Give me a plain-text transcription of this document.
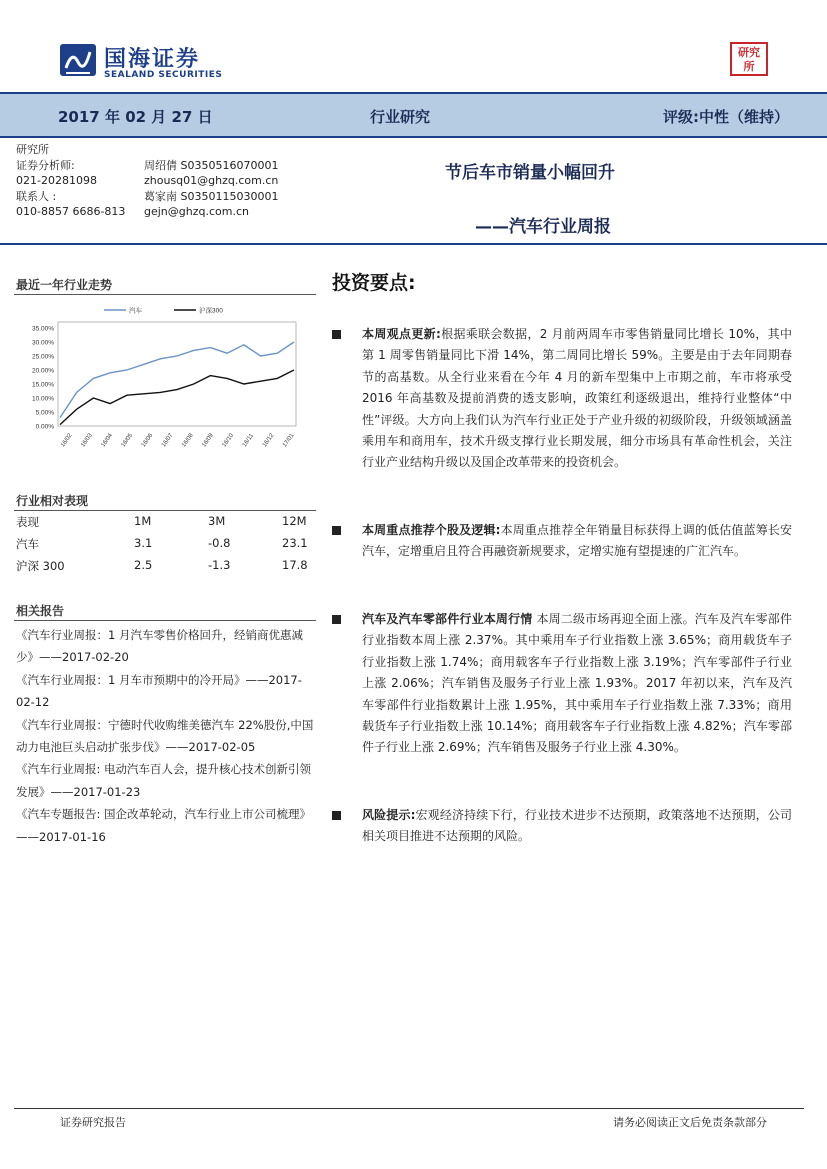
国海证券
SEALAND SECURITIES
研究
所
2017 年 02 月 27 日	行业研究	评级:中性（维持）
研究所
证券分析师:	周绍倩 S0350516070001
021-20281098	zhousq01@ghzq.com.cn
联系人 :	葛家南 S0350115030001
010-8857 6686-813 gejn@ghzq.com.cn
节后车市销量小幅回升
——汽车行业周报
最近一年行业走势
35.00%
30.00%
25.00%
20.00%
15.00%
10.00%
5.00%
0.00%
16/02 16/03 16/04 16/05 16/06 16/07 16/08 16/09 16/10 16/11 16/12 17/01
汽车	沪深300
行业相对表现
表现	1M	3M	12M
汽车	3.1	-0.8	23.1
沪深 300	2.5	-1.3	17.8
相关报告

《汽车行业周报：1 月汽车零售价格回升，经销商优惠减少》——2017-02-20

《汽车行业周报：1 月车市预期中的冷开局》——2017-02-12

《汽车行业周报：宁德时代收购维美德汽车 22%股份,中国动力电池巨头启动扩张步伐》——2017-02-05

《汽车行业周报: 电动汽车百人会，提升核心技术创新引领发展》——2017-01-23

《汽车专题报告: 国企改革轮动，汽车行业上市公司梳理》——2017-01-16

投资要点:
本周观点更新:根据乘联会数据，2 月前两周车市零售销量同比增长 10%，其中第 1 周零售销量同比下滑 14%，第二周同比增长 59%。主要是由于去年同期春节的高基数。从全行业来看在今年 4 月的新车型集中上市期之前，车市将承受 2016 年高基数及提前消费的透支影响，政策红利逐级退出，维持行业整体“中性”评级。大方向上我们认为汽车行业正处于产业升级的初级阶段，升级领域涵盖乘用车和商用车，技术升级支撑行业长期发展，细分市场具有革命性机会，关注行业产业结构升级以及国企改革带来的投资机会。
本周重点推荐个股及逻辑:本周重点推荐全年销量目标获得上调的低估值蓝筹长安汽车，定增重启且符合再融资新规要求，定增实施有望提速的广汇汽车。
汽车及汽车零部件行业本周行情 本周二级市场再迎全面上涨。汽车及汽车零部件行业指数本周上涨 2.37%。其中乘用车子行业指数上涨 3.65%；商用载货车子行业指数上涨 1.74%；商用载客车子行业指数上涨 3.19%；汽车零部件子行业上涨 2.06%；汽车销售及服务子行业上涨 1.93%。2017 年初以来，汽车及汽车零部件行业指数累计上涨 1.95%，其中乘用车子行业指数上涨 7.33%；商用载货车子行业指数上涨 10.14%；商用载客车子行业指数上涨 4.82%；汽车零部件子行业上涨 2.69%；汽车销售及服务子行业上涨 4.30%。
风险提示:宏观经济持续下行，行业技术进步不达预期，政策落地不达预期，公司相关项目推进不达预期的风险。
证券研究报告	请务必阅读正文后免责条款部分
